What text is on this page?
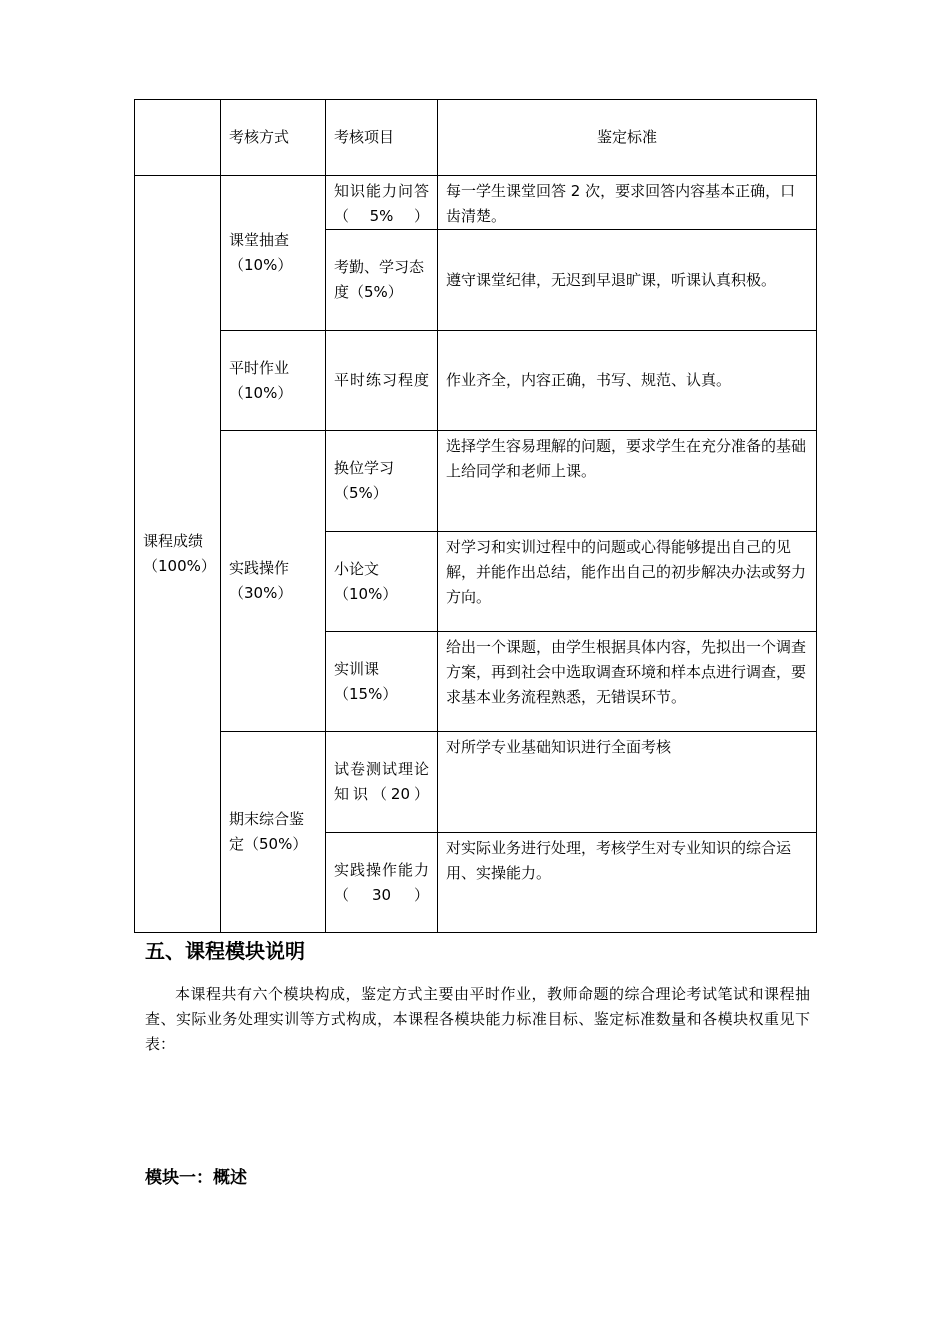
	考核方式	考核项目	鉴定标准
课程成绩（100%）	课堂抽查（10%）	知识能力问答（5%）	每一学生课堂回答 2 次，要求回答内容基本正确，口齿清楚。
		考勤、学习态度（5%）	遵守课堂纪律，无迟到早退旷课，听课认真积极。
	平时作业（10%）	平时练习程度	作业齐全，内容正确，书写、规范、认真。
	实践操作（30%）	换位学习（5%）	选择学生容易理解的问题，要求学生在充分准备的基础上给同学和老师上课。
		小论文（10%）	对学习和实训过程中的问题或心得能够提出自己的见解，并能作出总结，能作出自己的初步解决办法或努力方向。
		实训课（15%）	给出一个课题，由学生根据具体内容，先拟出一个调查方案，再到社会中选取调查环境和样本点进行调查，要求基本业务流程熟悉，无错误环节。
	期末综合鉴定（50%）	试卷测试理论知识（20）	对所学专业基础知识进行全面考核
		实践操作能力（30）	对实际业务进行处理，考核学生对专业知识的综合运用、实操能力。
五、课程模块说明

本课程共有六个模块构成，鉴定方式主要由平时作业，教师命题的综合理论考试笔试和课程抽查、实际业务处理实训等方式构成，本课程各模块能力标准目标、鉴定标准数量和各模块权重见下表：

模块一：概述
